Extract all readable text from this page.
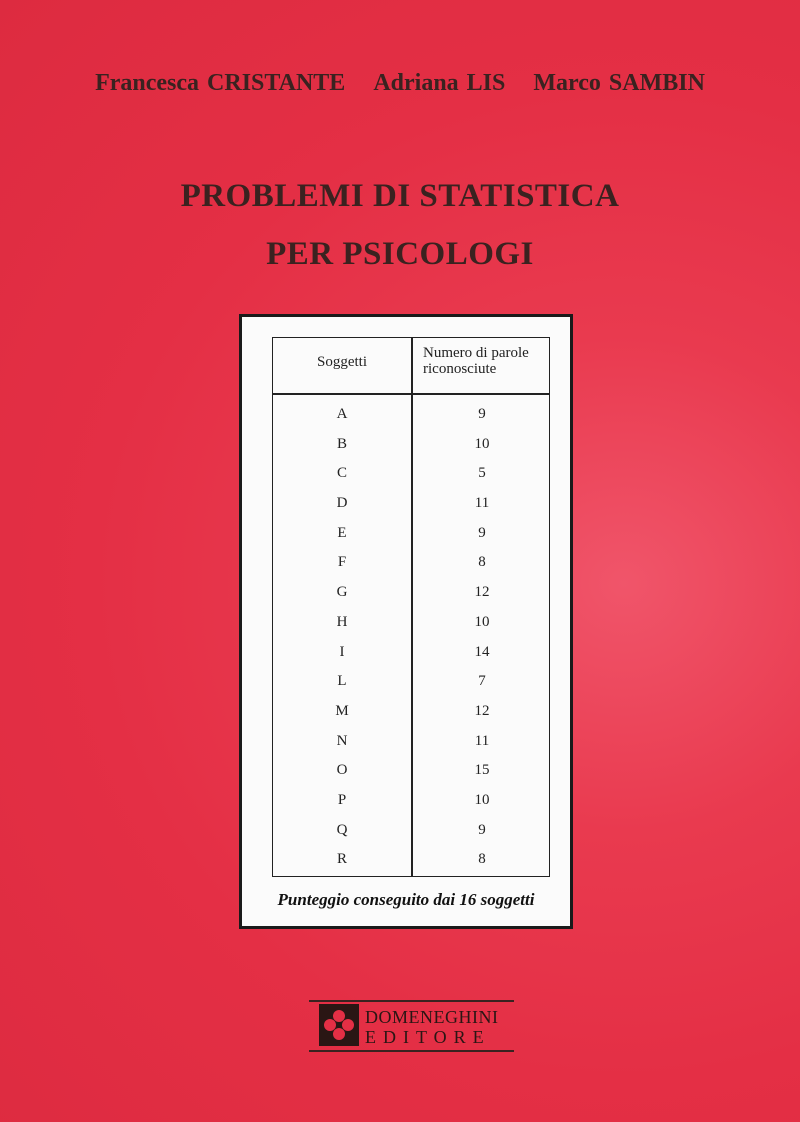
Francesca CRISTANTE Adriana LIS Marco SAMBIN
PROBLEMI DI STATISTICA
PER PSICOLOGI
Soggetti
Numero di parole
riconosciute
A
B
C
D
E
F
G
H
I
L
M
N
O
P
Q
R
9
10
5
11
9
8
12
10
14
7
12
11
15
10
9
8
Punteggio conseguito dai 16 soggetti
DOMENEGHINI
EDITORE
